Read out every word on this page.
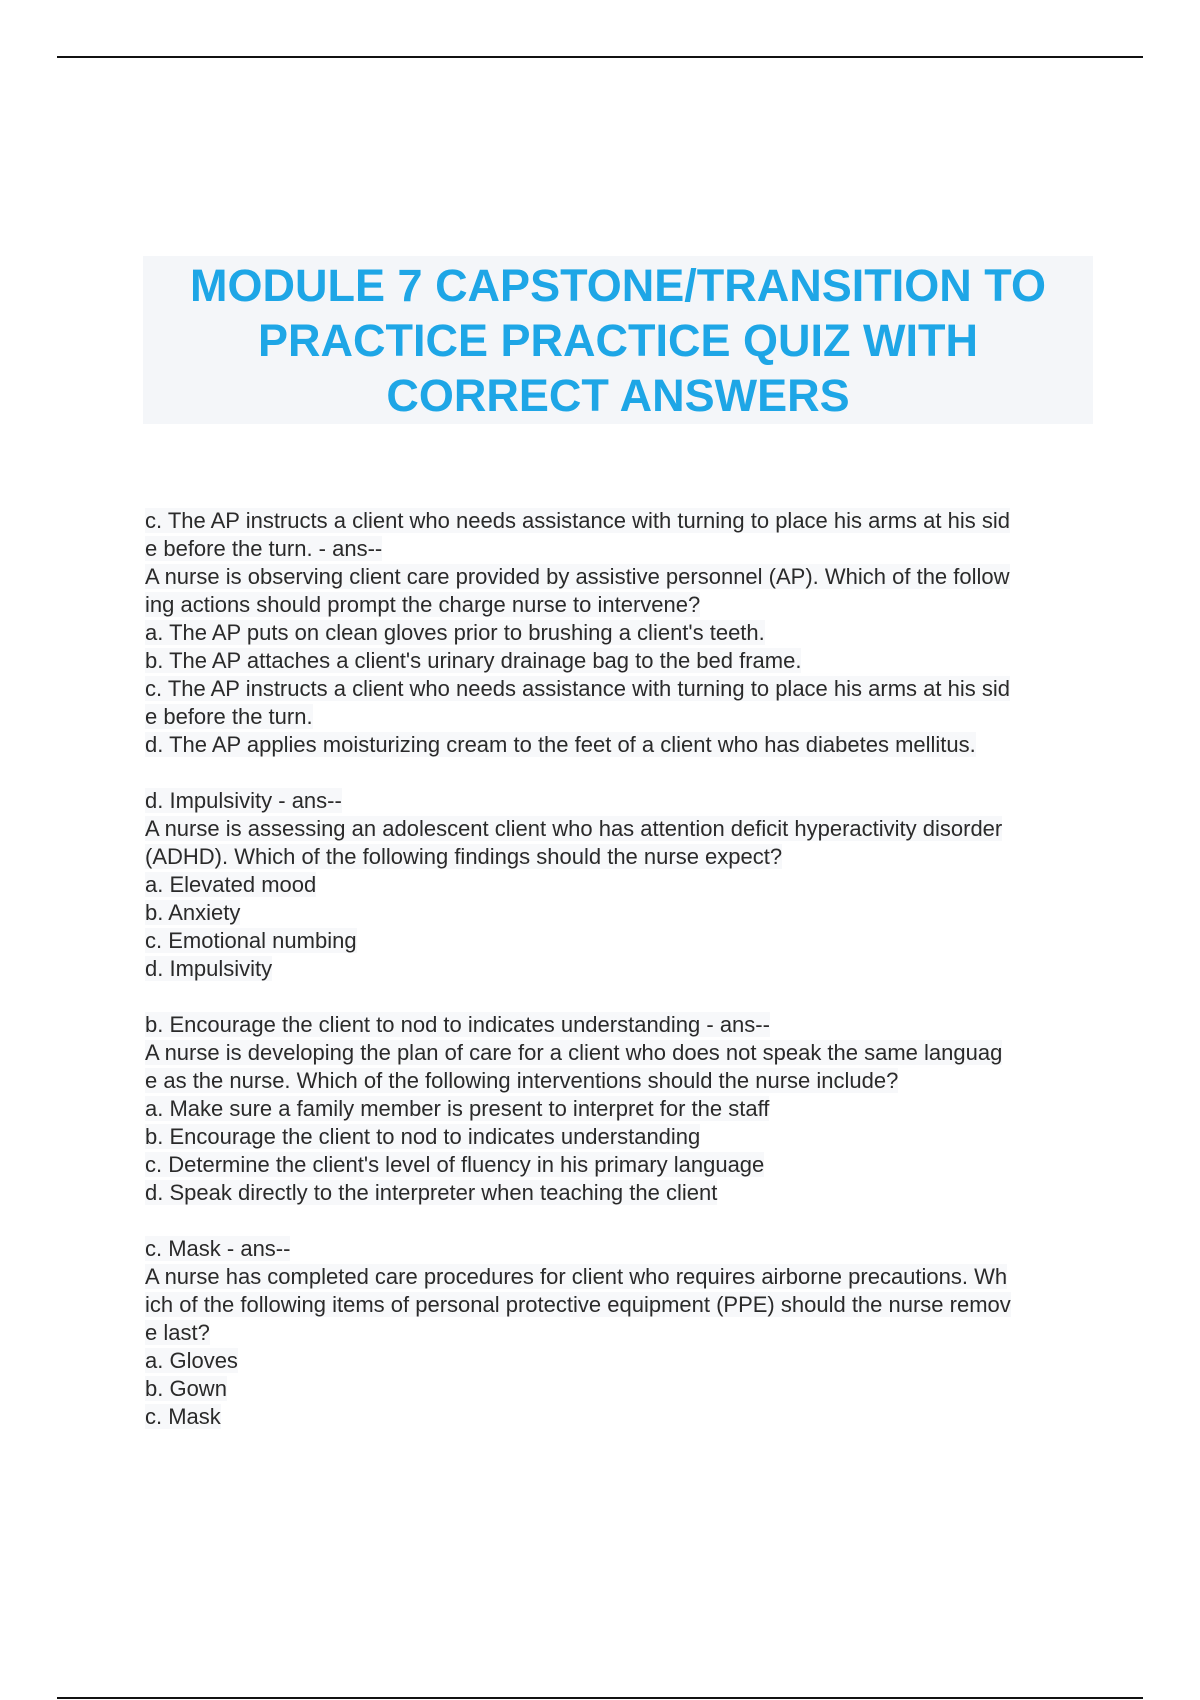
MODULE 7 CAPSTONE/TRANSITION TO
PRACTICE PRACTICE QUIZ WITH
CORRECT ANSWERS
c. The AP instructs a client who needs assistance with turning to place his arms at his sid
e before the turn. - ans--
A nurse is observing client care provided by assistive personnel (AP). Which of the follow
ing actions should prompt the charge nurse to intervene?
a. The AP puts on clean gloves prior to brushing a client's teeth.
b. The AP attaches a client's urinary drainage bag to the bed frame.
c. The AP instructs a client who needs assistance with turning to place his arms at his sid
e before the turn.
d. The AP applies moisturizing cream to the feet of a client who has diabetes mellitus.
d. Impulsivity - ans--
A nurse is assessing an adolescent client who has attention deficit hyperactivity disorder
(ADHD). Which of the following findings should the nurse expect?
a. Elevated mood
b. Anxiety
c. Emotional numbing
d. Impulsivity
b. Encourage the client to nod to indicates understanding - ans--
A nurse is developing the plan of care for a client who does not speak the same languag
e as the nurse. Which of the following interventions should the nurse include?
a. Make sure a family member is present to interpret for the staff
b. Encourage the client to nod to indicates understanding
c. Determine the client's level of fluency in his primary language
d. Speak directly to the interpreter when teaching the client
c. Mask - ans--
A nurse has completed care procedures for client who requires airborne precautions. Wh
ich of the following items of personal protective equipment (PPE) should the nurse remov
e last?
a. Gloves
b. Gown
c. Mask
